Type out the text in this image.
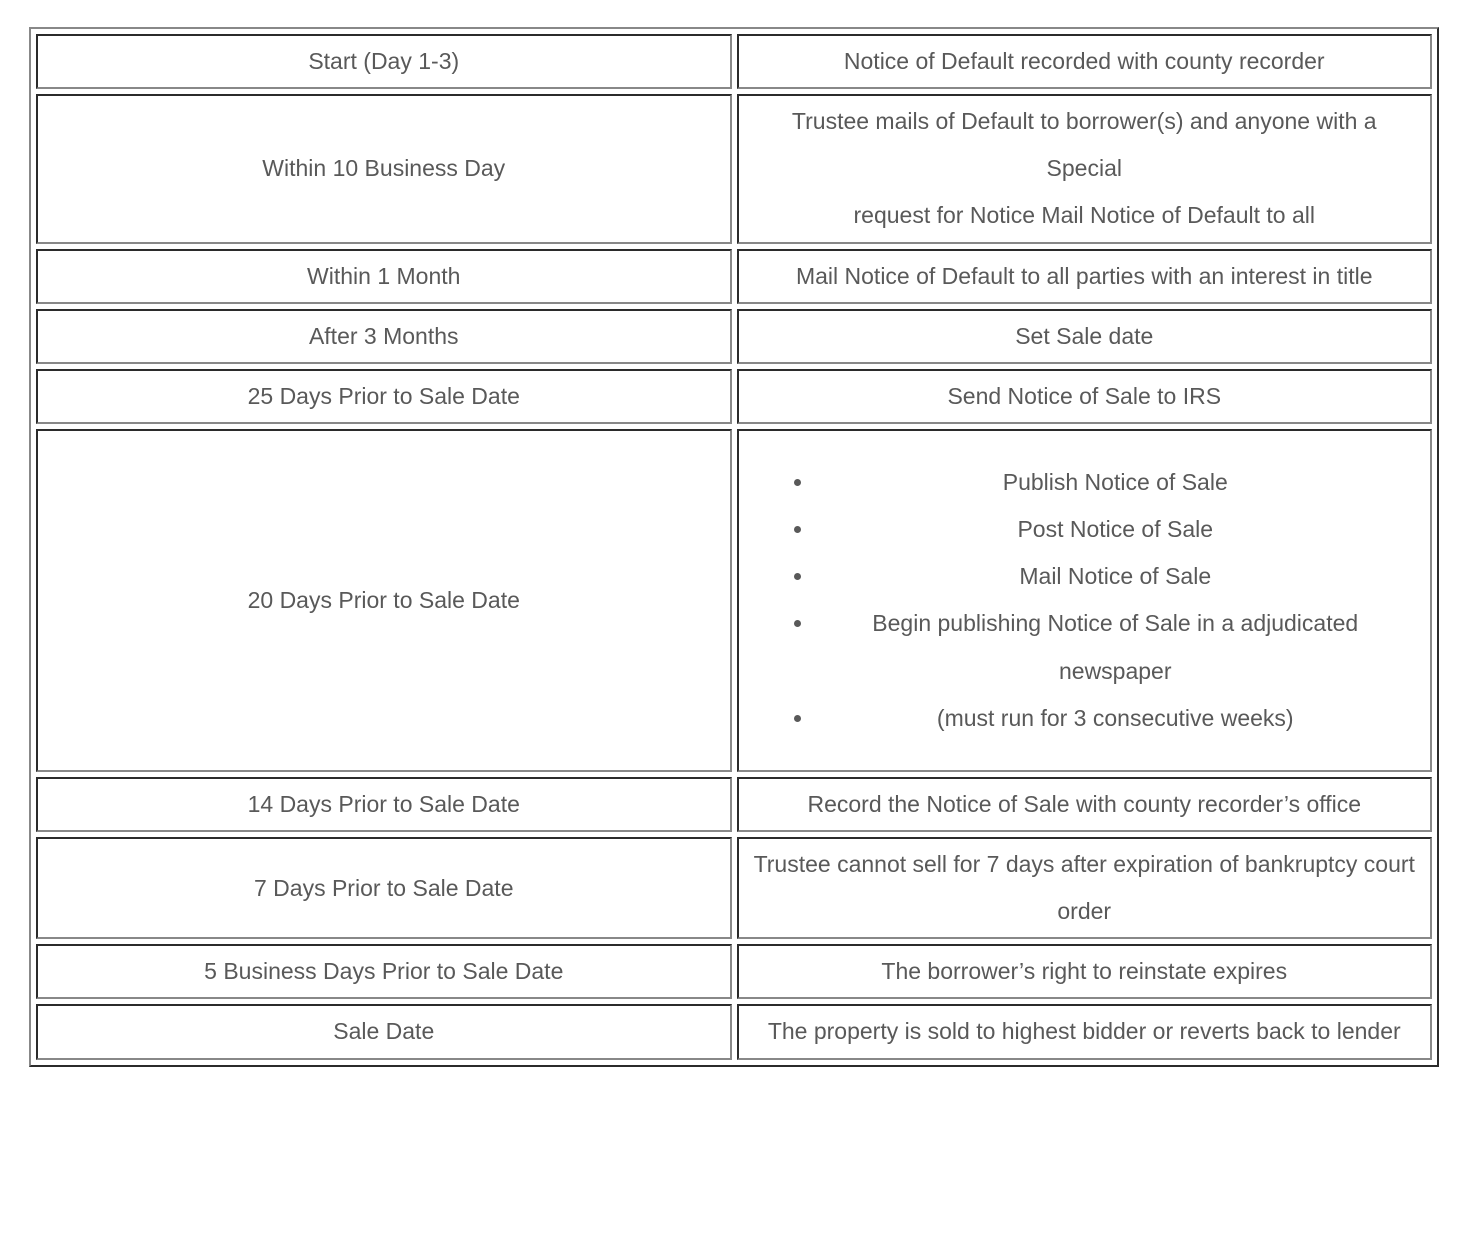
Start (Day 1-3)	Notice of Default recorded with county recorder

Within 10 Business Day	Trustee mails of Default to borrower(s) and anyone with a Special
request for Notice Mail Notice of Default to all

Within 1 Month	Mail Notice of Default to all parties with an interest in title

After 3 Months	Set Sale date

25 Days Prior to Sale Date	Send Notice of Sale to IRS

20 Days Prior to Sale Date	
• Publish Notice of Sale
• Post Notice of Sale
• Mail Notice of Sale
• Begin publishing Notice of Sale in a adjudicated newspaper
• (must run for 3 consecutive weeks)

14 Days Prior to Sale Date	Record the Notice of Sale with county recorder’s office

7 Days Prior to Sale Date	Trustee cannot sell for 7 days after expiration of bankruptcy court order

5 Business Days Prior to Sale Date	The borrower’s right to reinstate expires

Sale Date	The property is sold to highest bidder or reverts back to lender
